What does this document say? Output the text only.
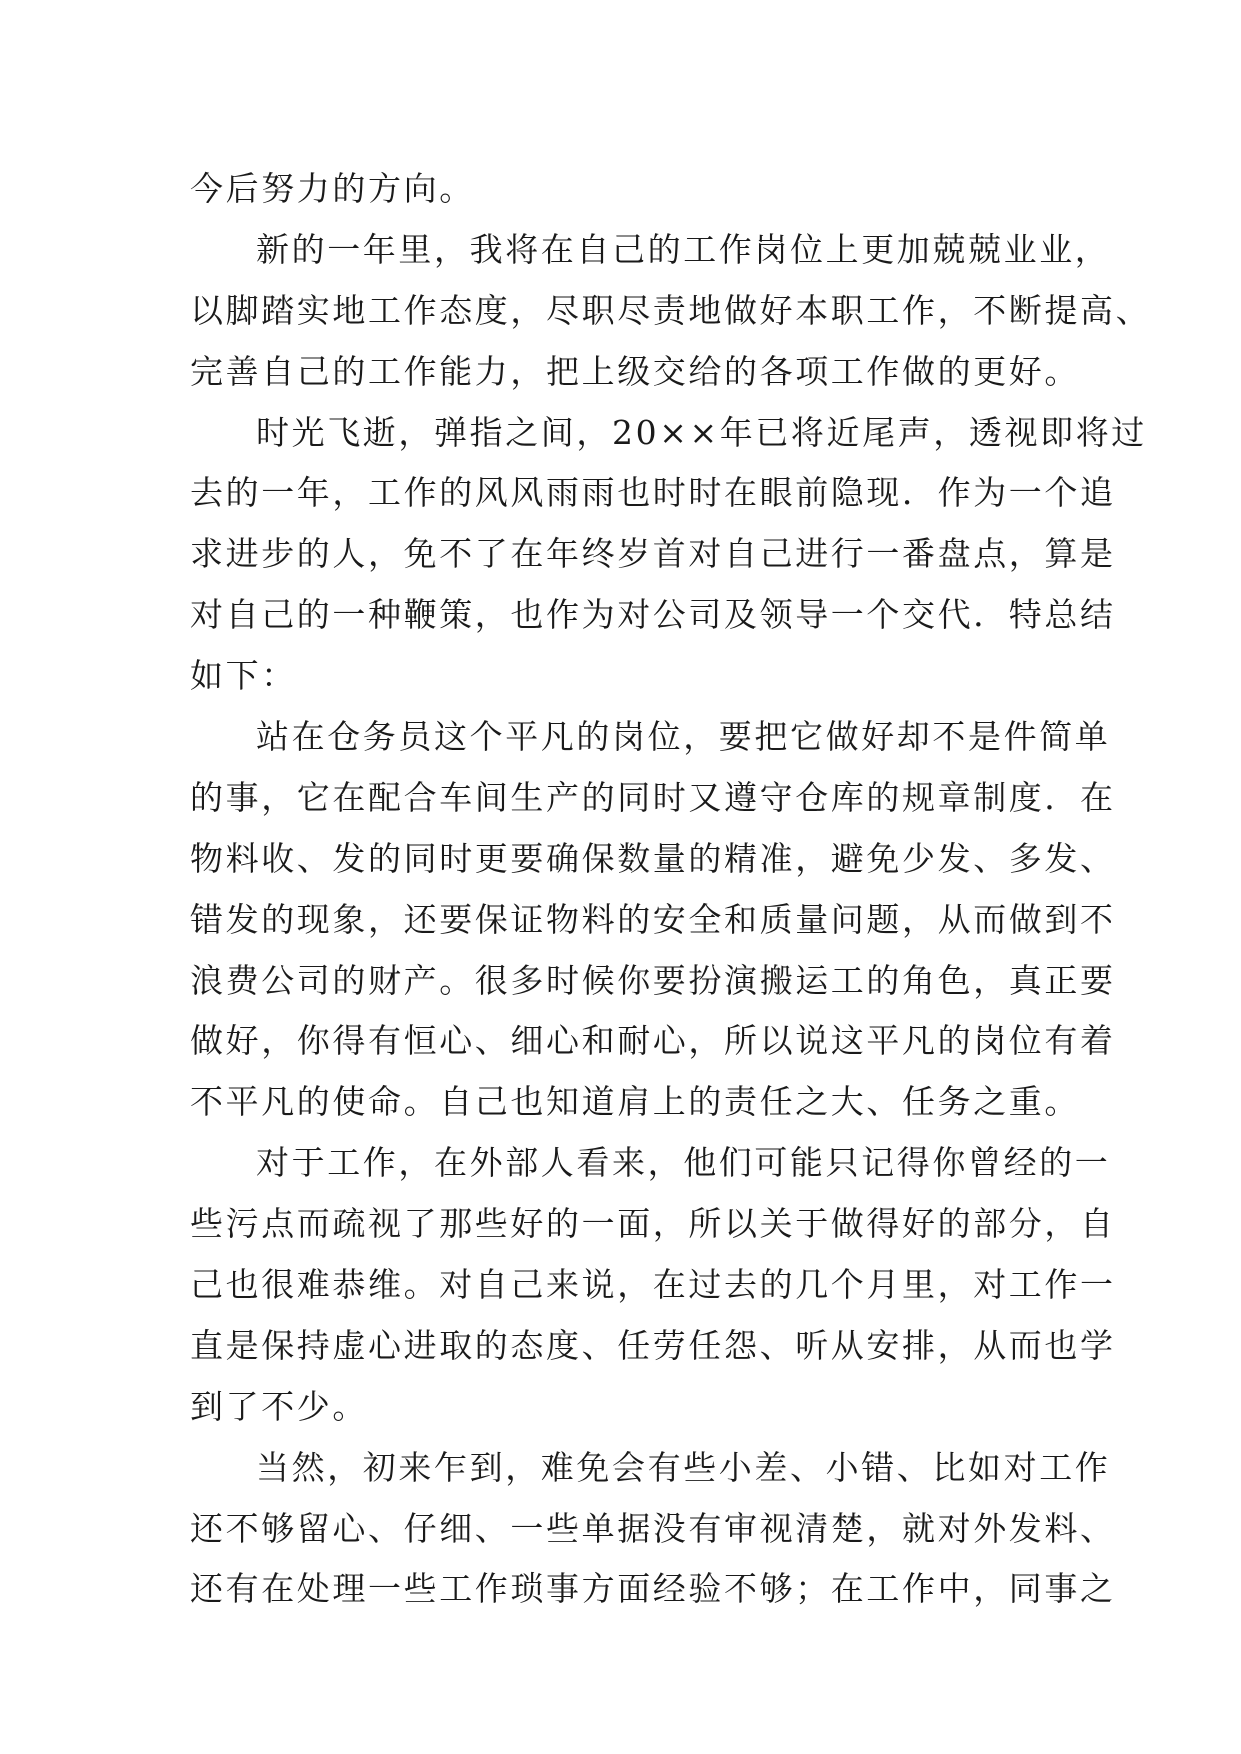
今后努力的方向。
新的一年里，我将在自己的工作岗位上更加兢兢业业，
以脚踏实地工作态度，尽职尽责地做好本职工作，不断提高、
完善自己的工作能力，把上级交给的各项工作做的更好。
时光飞逝，弹指之间，20××年已将近尾声，透视即将过
去的一年，工作的风风雨雨也时时在眼前隐现．作为一个追
求进步的人，免不了在年终岁首对自己进行一番盘点，算是
对自己的一种鞭策，也作为对公司及领导一个交代．特总结
如下：
站在仓务员这个平凡的岗位，要把它做好却不是件简单
的事，它在配合车间生产的同时又遵守仓库的规章制度．在
物料收、发的同时更要确保数量的精准，避免少发、多发、
错发的现象，还要保证物料的安全和质量问题，从而做到不
浪费公司的财产。很多时候你要扮演搬运工的角色，真正要
做好，你得有恒心、细心和耐心，所以说这平凡的岗位有着
不平凡的使命。自己也知道肩上的责任之大、任务之重。
对于工作，在外部人看来，他们可能只记得你曾经的一
些污点而疏视了那些好的一面，所以关于做得好的部分，自
己也很难恭维。对自己来说，在过去的几个月里，对工作一
直是保持虚心进取的态度、任劳任怨、听从安排，从而也学
到了不少。
当然，初来乍到，难免会有些小差、小错、比如对工作
还不够留心、仔细、一些单据没有审视清楚，就对外发料、
还有在处理一些工作琐事方面经验不够；在工作中，同事之
